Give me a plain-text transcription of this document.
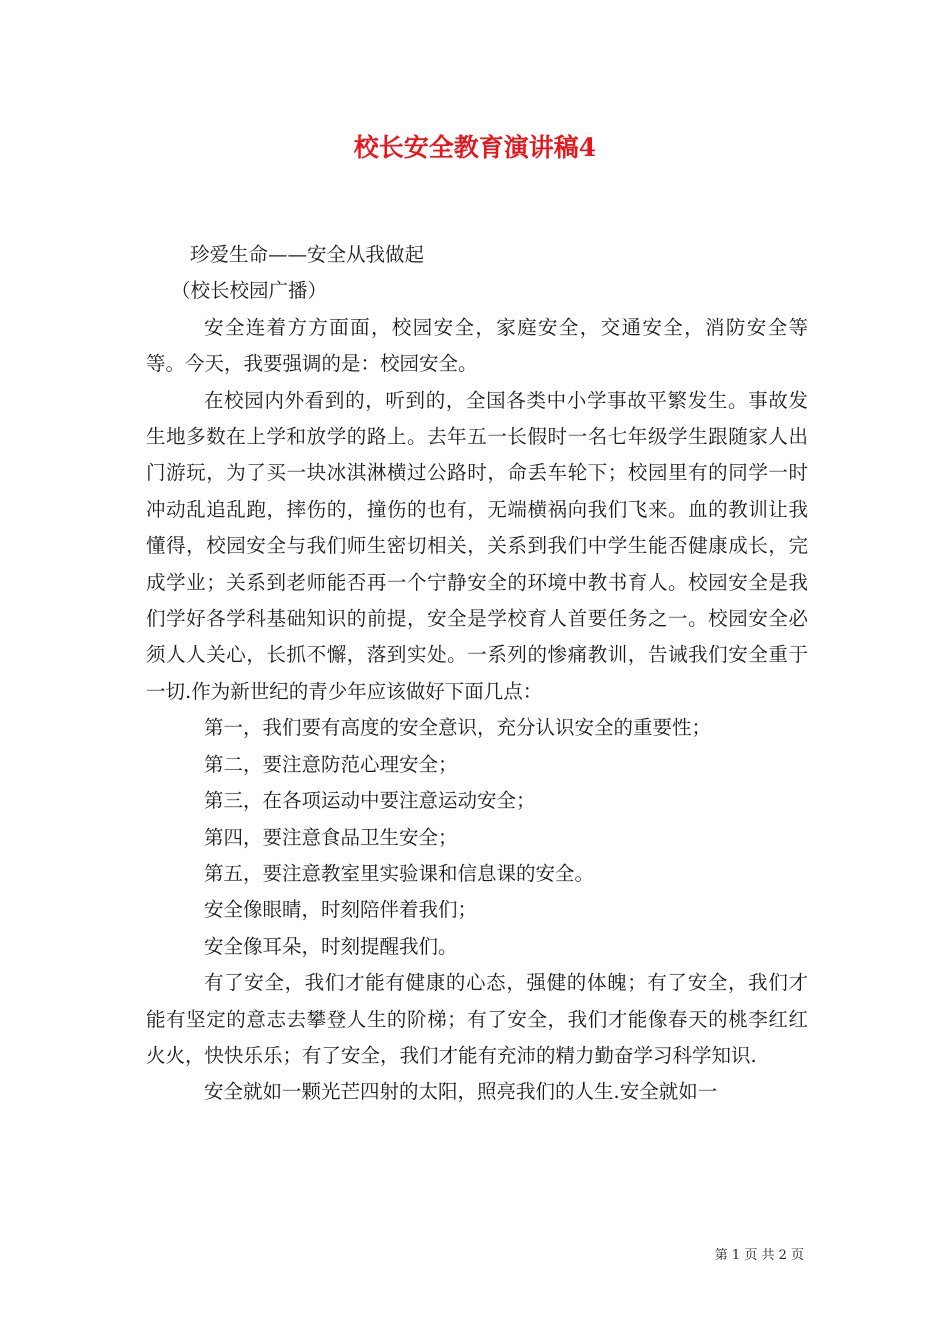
校长安全教育演讲稿4

珍爱生命——安全从我做起

（校长校园广播）

安全连着方方面面，校园安全，家庭安全，交通安全，消防安全等等。今天，我要强调的是：校园安全。

在校园内外看到的，听到的，全国各类中小学事故平繁发生。事故发生地多数在上学和放学的路上。去年五一长假时一名七年级学生跟随家人出门游玩，为了买一块冰淇淋横过公路时，命丢车轮下；校园里有的同学一时冲动乱追乱跑，摔伤的，撞伤的也有，无端横祸向我们飞来。血的教训让我懂得，校园安全与我们师生密切相关，关系到我们中学生能否健康成长，完成学业；关系到老师能否再一个宁静安全的环境中教书育人。校园安全是我们学好各学科基础知识的前提，安全是学校育人首要任务之一。校园安全必须人人关心，长抓不懈，落到实处。一系列的惨痛教训，告诫我们安全重于一切.作为新世纪的青少年应该做好下面几点：

第一，我们要有高度的安全意识，充分认识安全的重要性；

第二，要注意防范心理安全；

第三，在各项运动中要注意运动安全；

第四，要注意食品卫生安全；

第五，要注意教室里实验课和信息课的安全。

安全像眼睛，时刻陪伴着我们；

安全像耳朵，时刻提醒我们。

有了安全，我们才能有健康的心态，强健的体魄；有了安全，我们才能有坚定的意志去攀登人生的阶梯；有了安全，我们才能像春天的桃李红红火火，快快乐乐；有了安全，我们才能有充沛的精力勤奋学习科学知识.

安全就如一颗光芒四射的太阳，照亮我们的人生.安全就如一

第 1 页 共 2 页
